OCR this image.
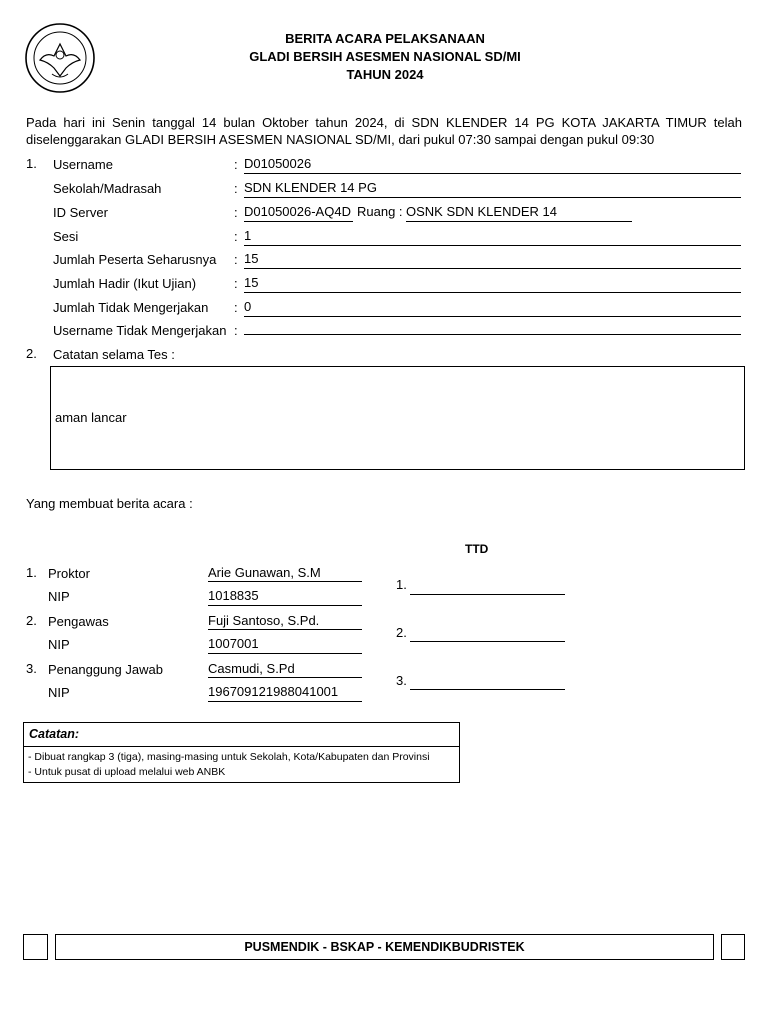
BERITA ACARA PELAKSANAAN
GLADI BERSIH ASESMEN NASIONAL SD/MI
TAHUN 2024
Pada hari ini Senin tanggal 14 bulan Oktober tahun 2024, di SDN KLENDER 14 PG KOTA JAKARTA TIMUR telah
diselenggarakan GLADI BERSIH ASESMEN NASIONAL SD/MI, dari pukul 07:30 sampai dengan pukul 09:30
1. Username	: D01050026
Sekolah/Madrasah	: SDN KLENDER 14 PG
ID Server	: D01050026-AQ4D Ruang : OSNK SDN KLENDER 14
Sesi	: 1
Jumlah Peserta Seharusnya : 15
Jumlah Hadir (Ikut Ujian)	: 15
Jumlah Tidak Mengerjakan : 0
Username Tidak Mengerjakan :
2. Catatan selama Tes :
aman lancar
Yang membuat berita acara :
TTD
1. Proktor	Arie Gunawan, S.M
NIP	1018835
1.
2. Pengawas	Fuji Santoso, S.Pd.
NIP	1007001
2.
3. Penanggung Jawab	Casmudi, S.Pd
NIP	196709121988041001
3.
Catatan:
- Dibuat rangkap 3 (tiga), masing-masing untuk Sekolah, Kota/Kabupaten dan Provinsi
- Untuk pusat di upload melalui web ANBK
PUSMENDIK - BSKAP - KEMENDIKBUDRISTEK
